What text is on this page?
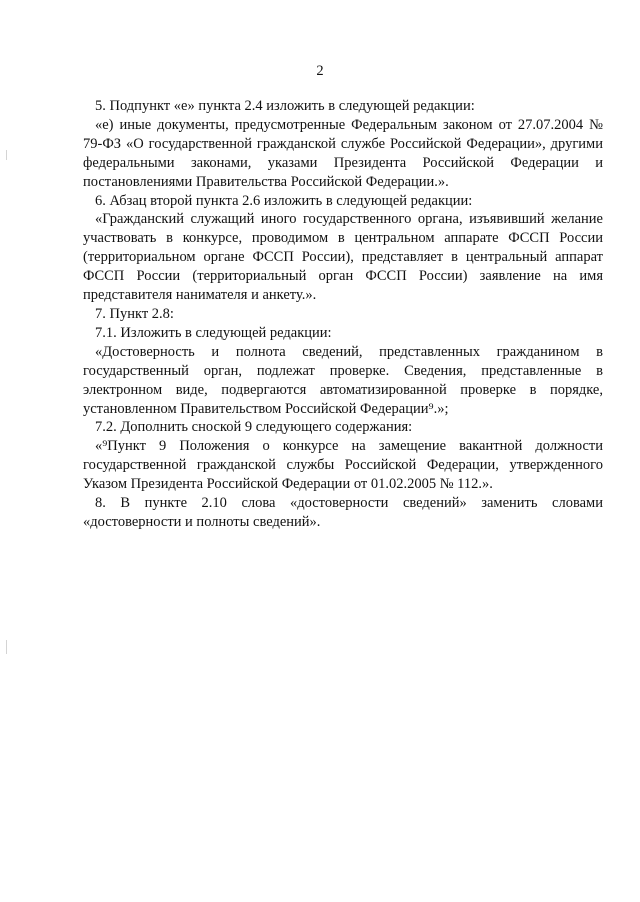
2

5. Подпункт «е» пункта 2.4 изложить в следующей редакции:

«е) иные документы, предусмотренные Федеральным законом от 27.07.2004 № 79-ФЗ «О государственной гражданской службе Российской Федерации», другими федеральными законами, указами Президента Российской Федерации и постановлениями Правительства Российской Федерации.».

6. Абзац второй пункта 2.6 изложить в следующей редакции:

«Гражданский служащий иного государственного органа, изъявивший желание участвовать в конкурсе, проводимом в центральном аппарате ФССП России (территориальном органе ФССП России), представляет в центральный аппарат ФССП России (территориальный орган ФССП России) заявление на имя представителя нанимателя и анкету.».

7. Пункт 2.8:

7.1. Изложить в следующей редакции:

«Достоверность и полнота сведений, представленных гражданином в государственный орган, подлежат проверке. Сведения, представленные в электронном виде, подвергаются автоматизированной проверке в порядке, установленном Правительством Российской Федерации⁹.»;

7.2. Дополнить сноской 9 следующего содержания:

«⁹Пункт 9 Положения о конкурсе на замещение вакантной должности государственной гражданской службы Российской Федерации, утвержденного Указом Президента Российской Федерации от 01.02.2005 № 112.».

8. В пункте 2.10 слова «достоверности сведений» заменить словами «достоверности и полноты сведений».
